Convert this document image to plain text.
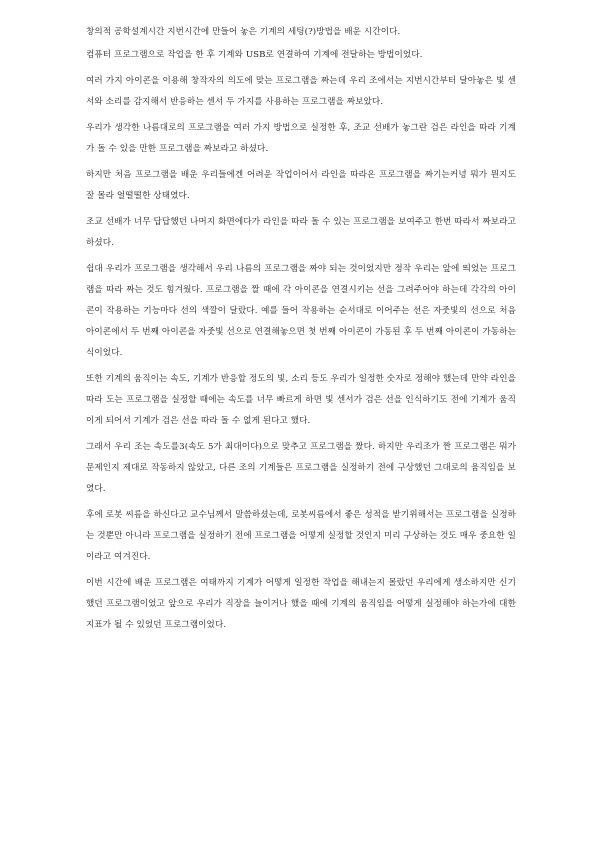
창의적 공학설계시간 지번시간에 만들어 놓은 기계의 세팅(?)방법을 배운 시간이다.

컴퓨터 프로그램으로 작업을 한 후 기계와 USB로 연결하여 기계에 전달하는 방법이었다.

여러 가지 아이콘을 이용해 창작자의 의도에 맞는 프로그램을 짜는데 우리 조에서는 지번시간부터 달아놓은 빛 센서와 소리를 감지해서 반응하는 센서 두 가지를 사용하는 프로그램을 짜보았다.

우리가 생각한 나름대로의 프로그램을 여러 가지 방법으로 실정한 후, 조교 선배가 놓그란 검은 라인을 따라 기계가 돌 수 있을 만한 프로그램을 짜보라고 하셨다.

하지만 처음 프로그램을 배운 우리들에겐 어려운 작업이어서 라인을 따라온 프로그램을 짜기는커녕 뭐가 뭔지도 잘 몰라 얼떨떨한 상태였다.

조교 선배가 너무 답답했던 나머지 화면에다가 라인을 따라 돌 수 있는 프로그램을 보여주고 한번 따라서 짜보라고 하셨다.

쉽대 우리가 프로그램을 생각해서 우리 나름의 프로그램을 짜야 되는 것이었지만 정작 우리는 앞에 띄었는 프로그램을 따라 짜는 것도 힘겨웠다. 프로그램을 짤 때에 각 아이콘을 연결시키는 선을 그려주어야 하는데 각각의 아이콘이 작용하는 기능마다 선의 색깔이 달랐다. 예를 들어 작용하는 순서대로 이어주는 선은 자줏빛의 선으로 처음 아이콘에서 두 번째 아이콘을 자줏빛 선으로 연결해놓으면 첫 번째 아이콘이 가동된 후 두 번째 아이콘이 가동하는 식이었다.

또한 기계의 움직이는 속도, 기계가 반응할 정도의 빛, 소리 등도 우리가 일정한 숫자로 정해야 했는데 만약 라인을 따라 도는 프로그램을 실정할 때에는 속도를 너무 빠르게 하면 빛 센서가 검은 선을 인식하기도 전에 기계가 움직이게 되어서 기계가 검은 선을 따라 돌 수 없게 된다고 했다.

그래서 우리 조는 속도를3(속도 5가 최대이다)으로 맞추고 프로그램을 짰다. 하지만 우리조가 짠 프로그램은 뭐가 문제인지 제대로 작동하지 않았고, 다른 조의 기계들은 프로그램을 실정하기 전에 구상했던 그대로의 움직임을 보였다.

후에 로봇 씨름을 하신다고 교수님께서 말씀하셨는데, 로봇씨름에서 좋은 성적을 받기위해서는 프로그램을 실정하는 것뿐만 아니라 프로그램을 실정하기 전에 프로그램을 어떻게 실정할 것인지 미리 구상하는 것도 매우 중요한 일이라고 여겨진다.

이번 시간에 배운 프로그램은 여태까지 기계가 어떻게 일정한 작업을 해내는지 몰랐던 우리에게 생소하지만 신기했던 프로그램이었고 앞으로 우리가 직장을 늘이거나 했을 때에 기계의 움직임을 어떻게 실정해야 하는가에 대한 지표가 될 수 있었던 프로그램이었다.
